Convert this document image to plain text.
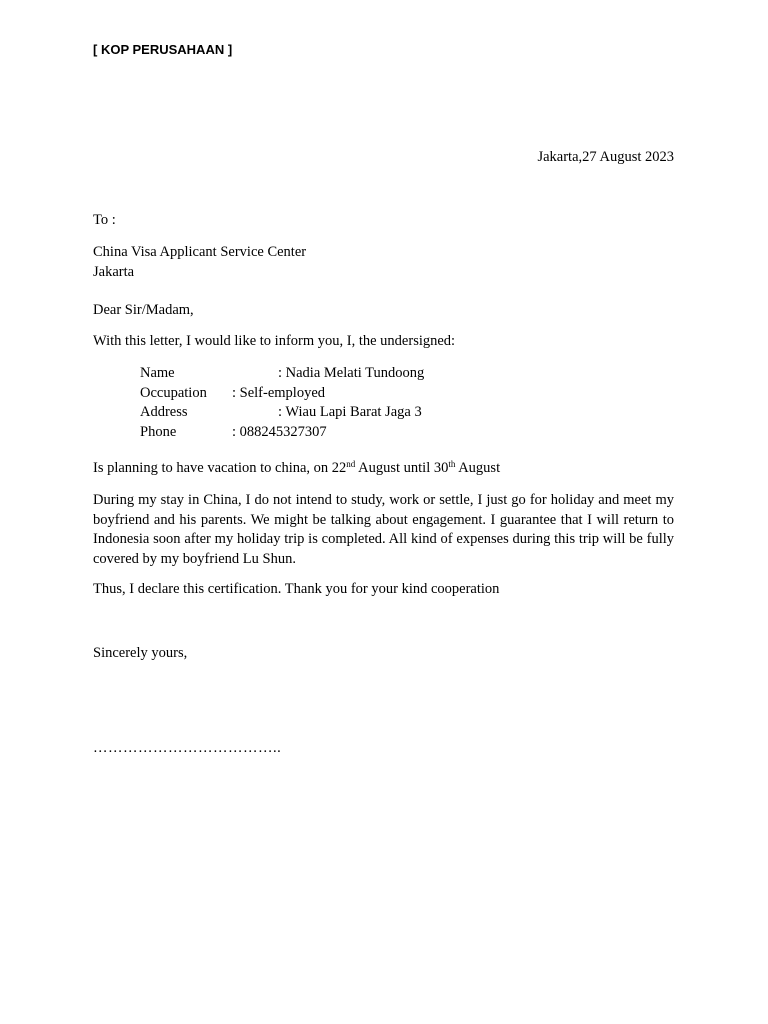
[ KOP PERUSAHAAN ]
Jakarta,27 August 2023
To :
China Visa Applicant Service Center
Jakarta
Dear Sir/Madam,
With this letter, I would like to inform you, I, the undersigned:
Name	: Nadia Melati Tundoong
Occupation : Self-employed
Address	: Wiau Lapi Barat Jaga 3
Phone	: 088245327307
Is planning to have vacation to china, on 22nd August until 30th August
During my stay in China, I do not intend to study, work or settle, I just go for holiday and meet my boyfriend and his parents. We might be talking about engagement. I guarantee that I will return to Indonesia soon after my holiday trip is completed. All kind of expenses during this trip will be fully covered by my boyfriend Lu Shun.
Thus, I declare this certification. Thank you for your kind cooperation
Sincerely yours,
………………………………..
